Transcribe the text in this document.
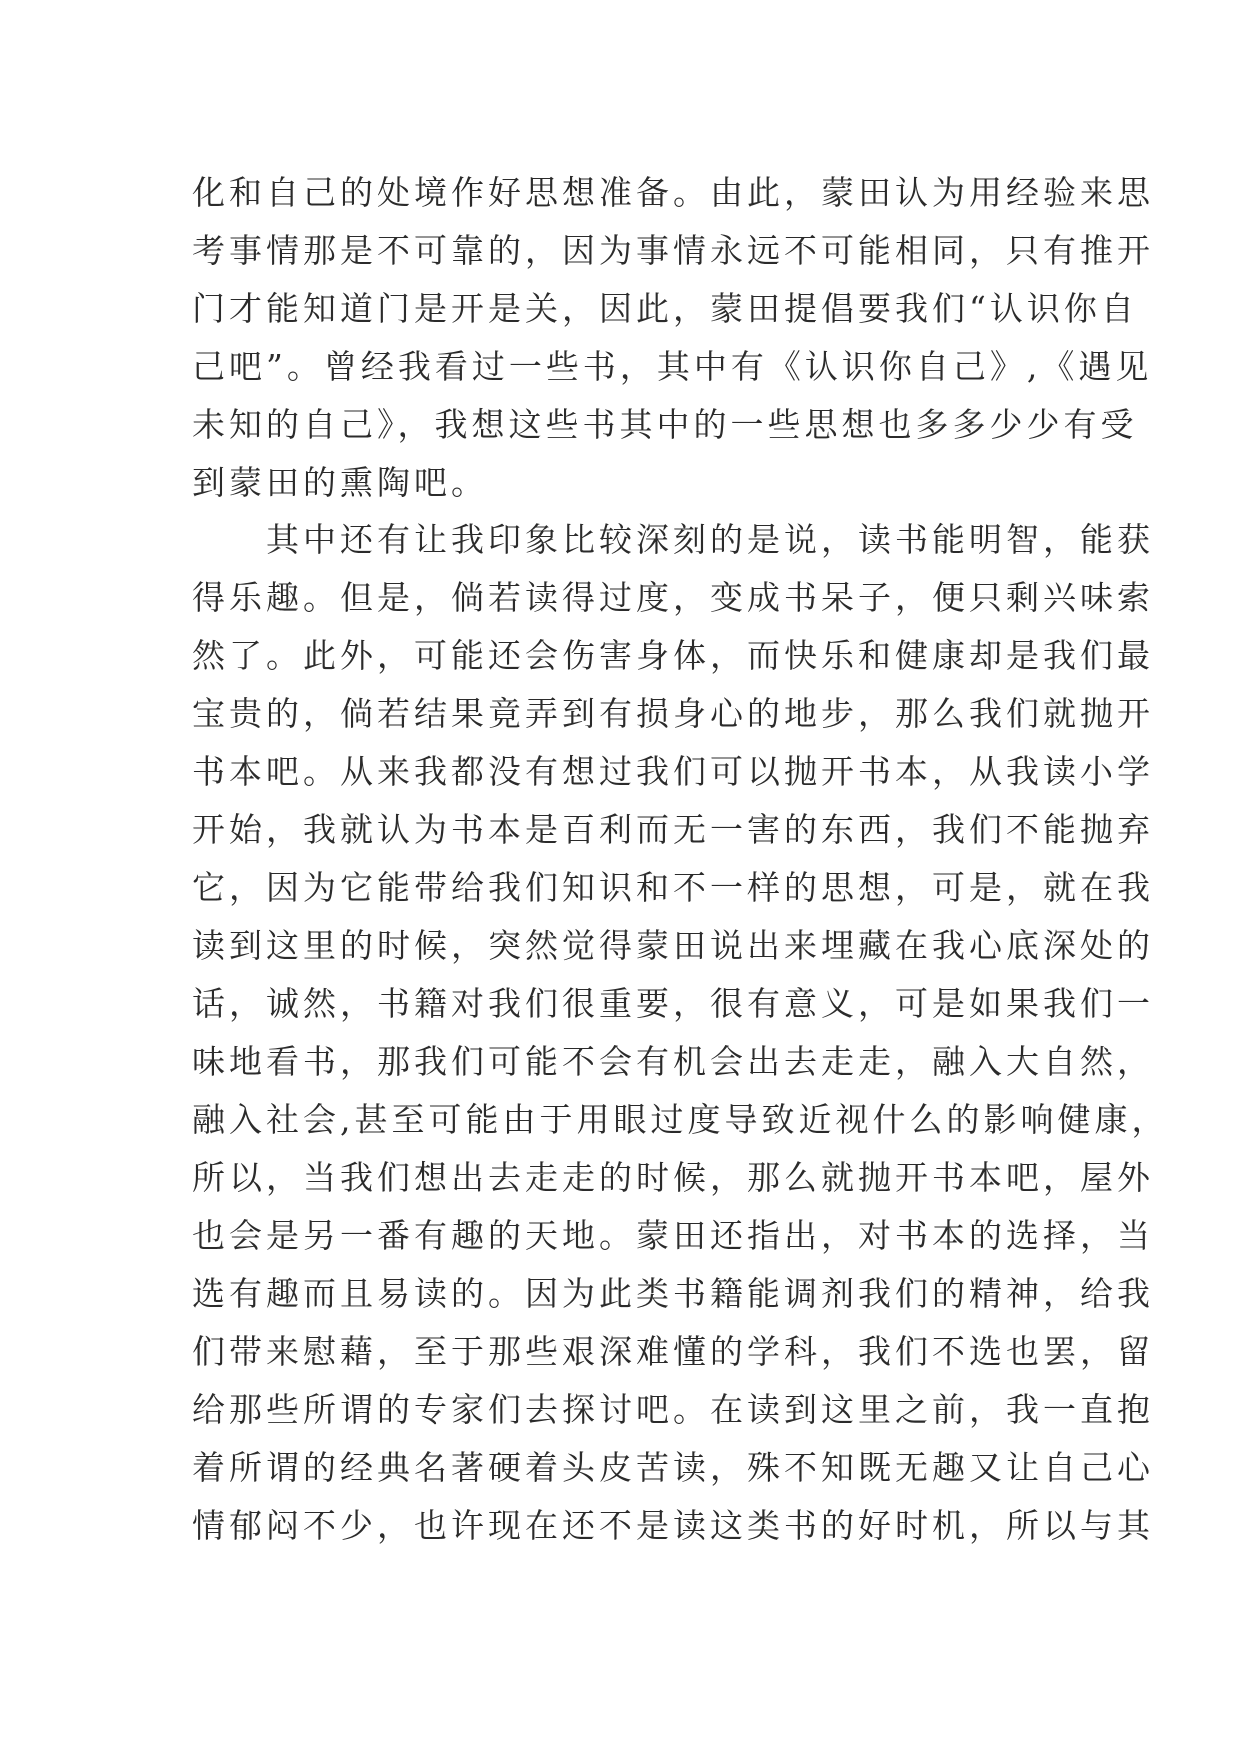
化和自己的处境作好思想准备。由此，蒙田认为用经验来思
考事情那是不可靠的，因为事情永远不可能相同，只有推开
门才能知道门是开是关，因此，蒙田提倡要我们“认识你自
己吧”。曾经我看过一些书，其中有《认识你自己》,《遇见
未知的自己》，我想这些书其中的一些思想也多多少少有受
到蒙田的熏陶吧。
　　其中还有让我印象比较深刻的是说，读书能明智，能获
得乐趣。但是，倘若读得过度，变成书呆子，便只剩兴味索
然了。此外，可能还会伤害身体，而快乐和健康却是我们最
宝贵的，倘若结果竟弄到有损身心的地步，那么我们就抛开
书本吧。从来我都没有想过我们可以抛开书本，从我读小学
开始，我就认为书本是百利而无一害的东西，我们不能抛弃
它，因为它能带给我们知识和不一样的思想，可是，就在我
读到这里的时候，突然觉得蒙田说出来埋藏在我心底深处的
话，诚然，书籍对我们很重要，很有意义，可是如果我们一
味地看书，那我们可能不会有机会出去走走，融入大自然，
融入社会,甚至可能由于用眼过度导致近视什么的影响健康，
所以，当我们想出去走走的时候，那么就抛开书本吧，屋外
也会是另一番有趣的天地。蒙田还指出，对书本的选择，当
选有趣而且易读的。因为此类书籍能调剂我们的精神，给我
们带来慰藉，至于那些艰深难懂的学科，我们不选也罢，留
给那些所谓的专家们去探讨吧。在读到这里之前，我一直抱
着所谓的经典名著硬着头皮苦读，殊不知既无趣又让自己心
情郁闷不少，也许现在还不是读这类书的好时机，所以与其
